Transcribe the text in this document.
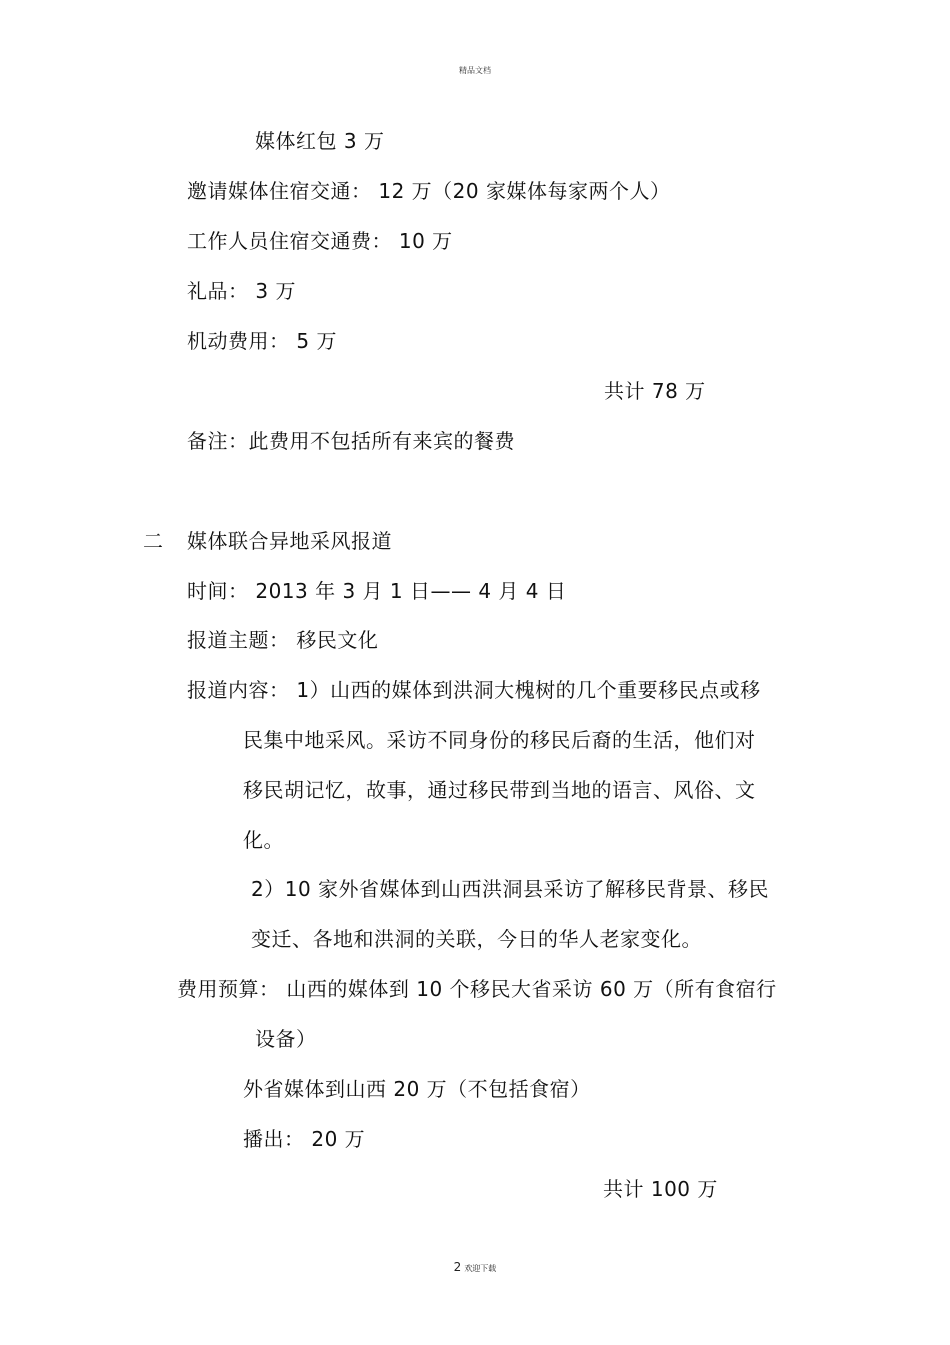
精品文档
媒体红包 3 万
邀请媒体住宿交通： 12 万（20 家媒体每家两个人）
工作人员住宿交通费： 10 万
礼品： 3 万
机动费用： 5 万
共计 78 万
备注：此费用不包括所有来宾的餐费
二 媒体联合异地采风报道
时间： 2013 年 3 月 1 日—— 4 月 4 日
报道主题： 移民文化
报道内容： 1）山西的媒体到洪洞大槐树的几个重要移民点或移
民集中地采风。采访不同身份的移民后裔的生活，他们对
移民胡记忆，故事，通过移民带到当地的语言、风俗、文
化。
2）10 家外省媒体到山西洪洞县采访了解移民背景、移民
变迁、各地和洪洞的关联，今日的华人老家变化。
费用预算： 山西的媒体到 10 个移民大省采访 60 万（所有食宿行
设备）
外省媒体到山西 20 万（不包括食宿）
播出： 20 万
共计 100 万
2 欢迎下载
